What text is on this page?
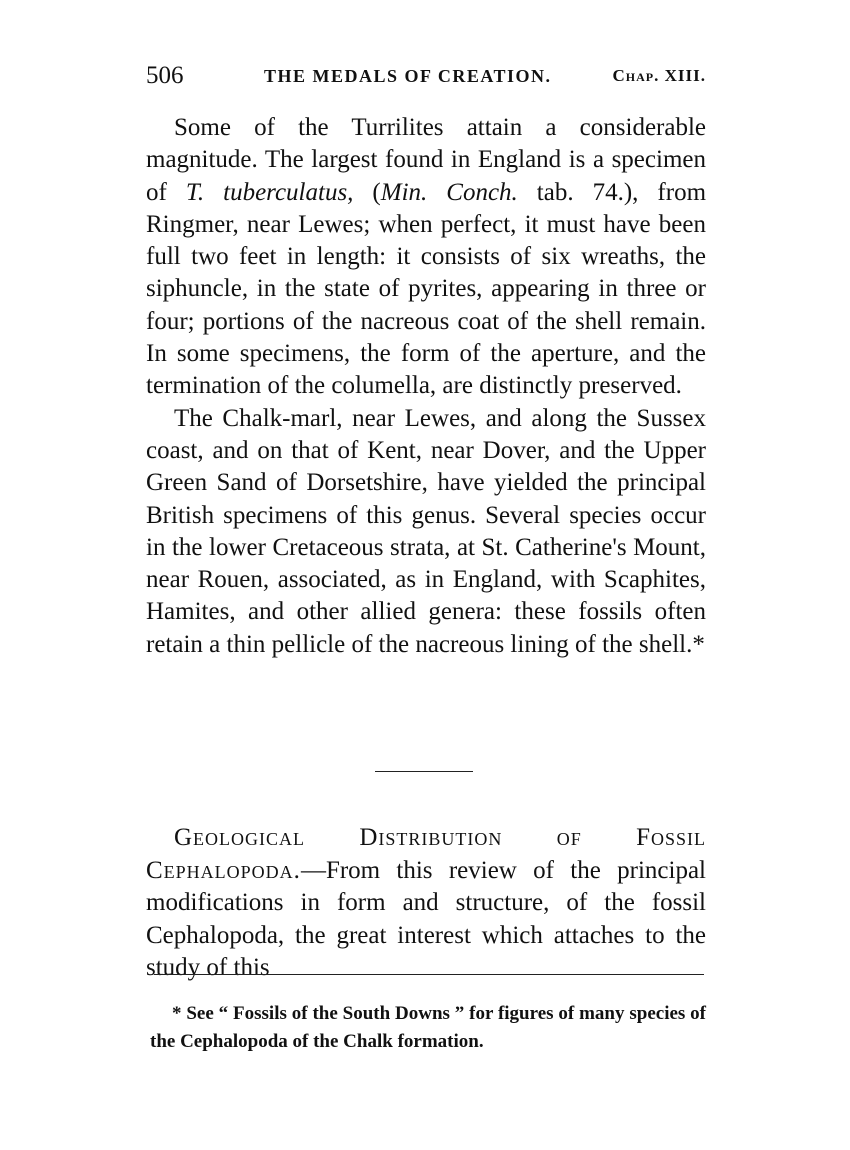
506	THE MEDALS OF CREATION.	Chap. XIII.

Some of the Turrilites attain a considerable magnitude. The largest found in England is a specimen of T. tuberculatus, (Min. Conch. tab. 74.), from Ringmer, near Lewes; when perfect, it must have been full two feet in length: it consists of six wreaths, the siphuncle, in the state of pyrites, appearing in three or four; portions of the nacreous coat of the shell remain. In some specimens, the form of the aperture, and the termination of the columella, are distinctly preserved.

The Chalk-marl, near Lewes, and along the Sussex coast, and on that of Kent, near Dover, and the Upper Green Sand of Dorsetshire, have yielded the principal British specimens of this genus. Several species occur in the lower Cretaceous strata, at St. Catherine's Mount, near Rouen, associated, as in England, with Scaphites, Hamites, and other allied genera: these fossils often retain a thin pellicle of the nacreous lining of the shell.*

Geological Distribution of Fossil Cephalopoda.—From this review of the principal modifications in form and structure, of the fossil Cephalopoda, the great interest which attaches to the study of this

* See “ Fossils of the South Downs ” for figures of many species of the Cephalopoda of the Chalk formation.
